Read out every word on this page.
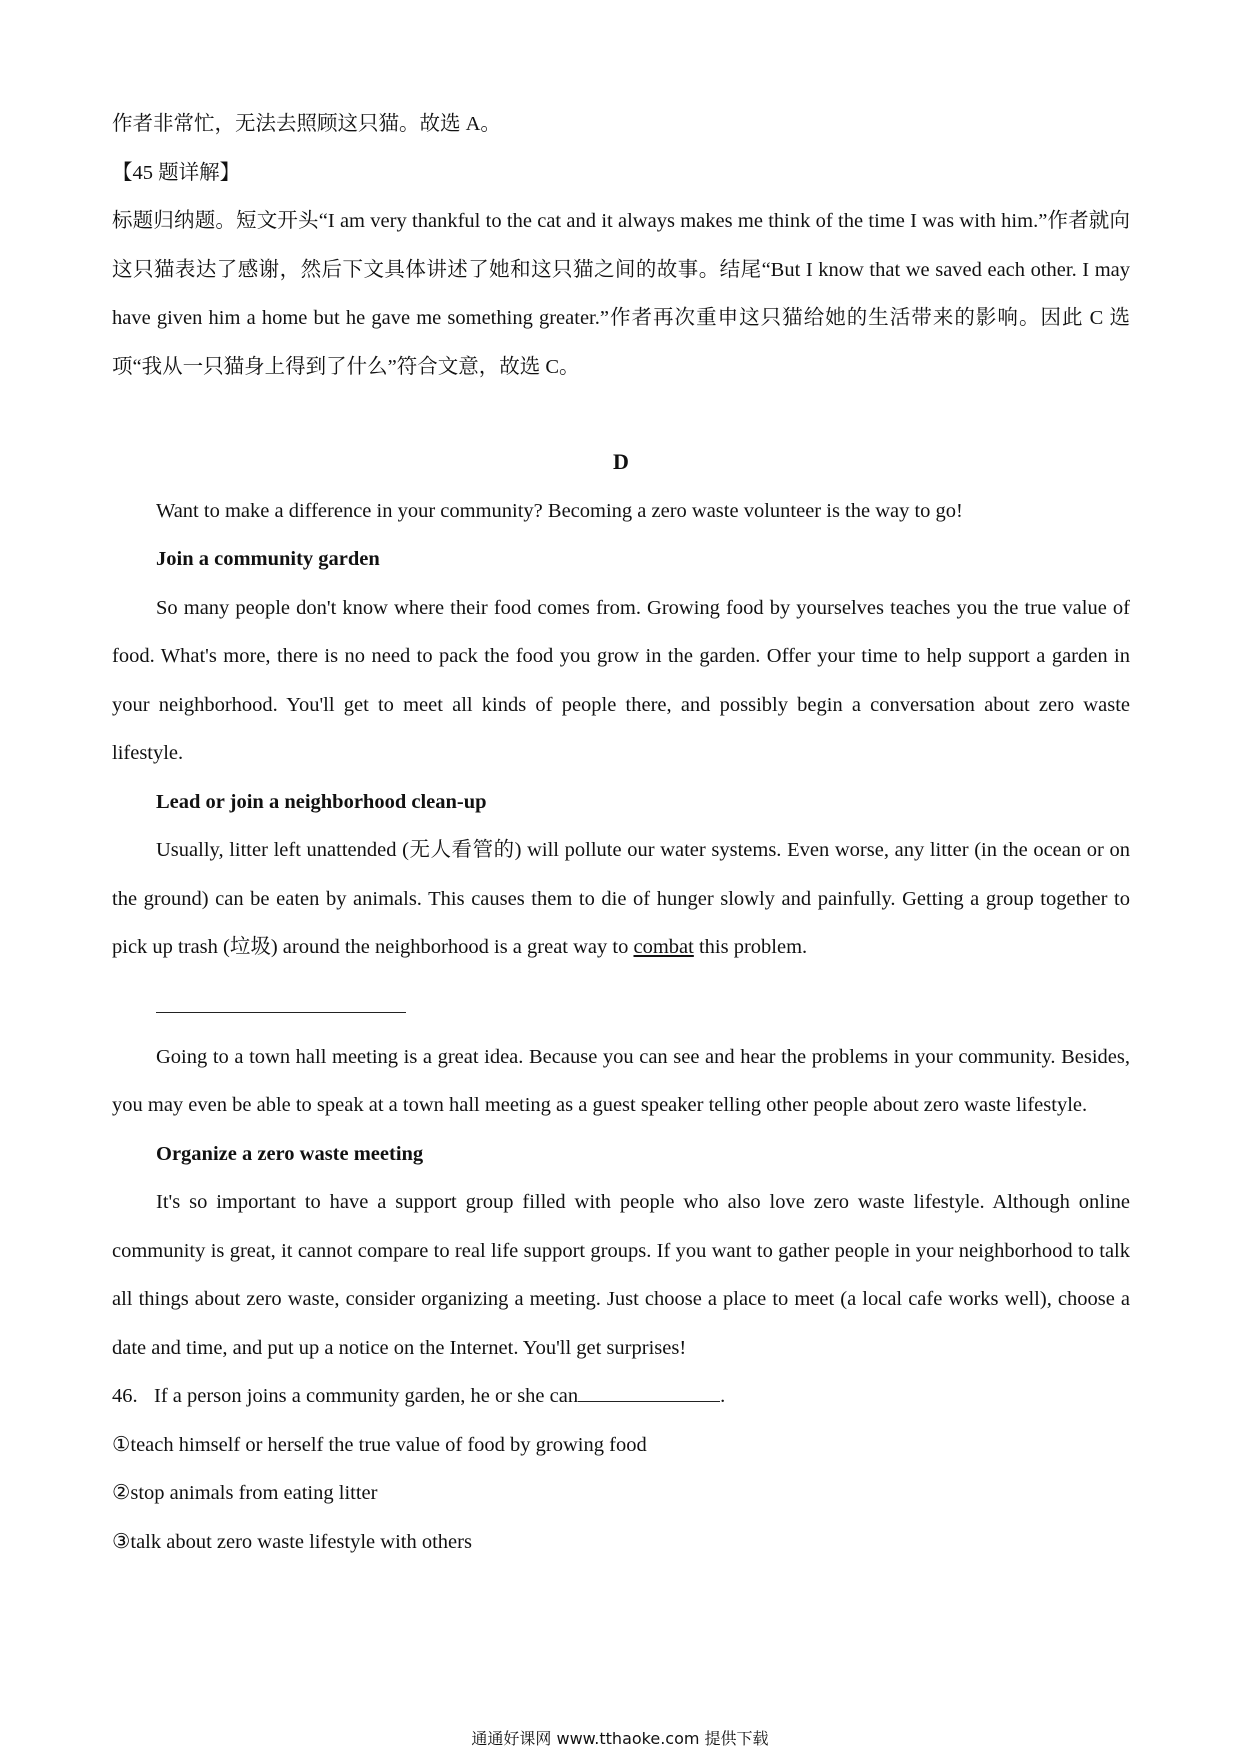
作者非常忙，无法去照顾这只猫。故选 A。

【45 题详解】

标题归纳题。短文开头“I am very thankful to the cat and it always makes me think of the time I was with him.”作者就向这只猫表达了感谢，然后下文具体讲述了她和这只猫之间的故事。结尾“But I know that we saved each other. I may have given him a home but he gave me something greater.”作者再次重申这只猫给她的生活带来的影响。因此 C 选项“我从一只猫身上得到了什么”符合文意，故选 C。

D

Want to make a difference in your community? Becoming a zero waste volunteer is the way to go!

Join a community garden

So many people don't know where their food comes from. Growing food by yourselves teaches you the true value of food. What's more, there is no need to pack the food you grow in the garden. Offer your time to help support a garden in your neighborhood. You'll get to meet all kinds of people there, and possibly begin a conversation about zero waste lifestyle.

Lead or join a neighborhood clean-up

Usually, litter left unattended (无人看管的) will pollute our water systems. Even worse, any litter (in the ocean or on the ground) can be eaten by animals. This causes them to die of hunger slowly and painfully. Getting a group together to pick up trash (垃圾) around the neighborhood is a great way to combat this problem.

Going to a town hall meeting is a great idea. Because you can see and hear the problems in your community. Besides, you may even be able to speak at a town hall meeting as a guest speaker telling other people about zero waste lifestyle.

Organize a zero waste meeting

It's so important to have a support group filled with people who also love zero waste lifestyle. Although online community is great, it cannot compare to real life support groups. If you want to gather people in your neighborhood to talk all things about zero waste, consider organizing a meeting. Just choose a place to meet (a local cafe works well), choose a date and time, and put up a notice on the Internet. You'll get surprises!

46. If a person joins a community garden, he or she can	.

①teach himself or herself the true value of food by growing food

②stop animals from eating litter

③talk about zero waste lifestyle with others

通通好课网 www.tthaoke.com 提供下载
